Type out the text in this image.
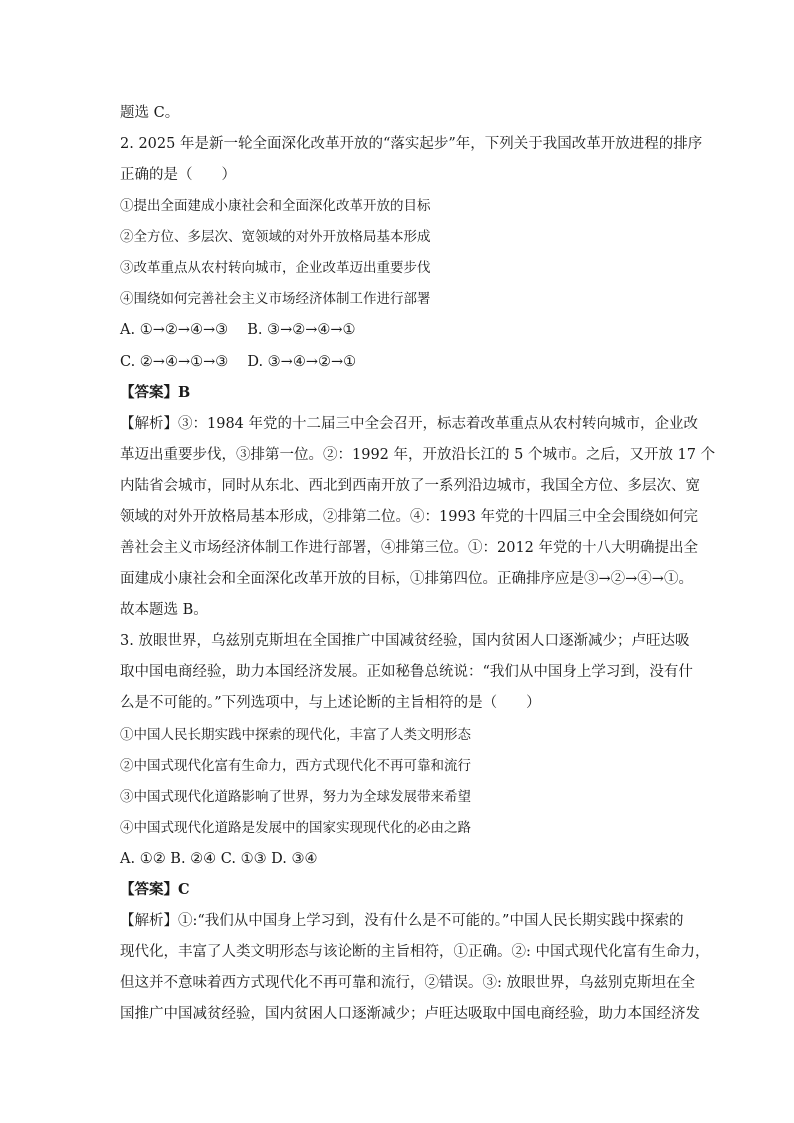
题选 C。
2. 2025 年是新一轮全面深化改革开放的“落实起步”年，下列关于我国改革开放进程的排序
正确的是（　　）
①提出全面建成小康社会和全面深化改革开放的目标
②全方位、多层次、宽领域的对外开放格局基本形成
③改革重点从农村转向城市，企业改革迈出重要步伐
④围绕如何完善社会主义市场经济体制工作进行部署
A. ①→②→④→③　 B. ③→②→④→①
C. ②→④→①→③　 D. ③→④→②→①
【答案】B
【解析】③：1984 年党的十二届三中全会召开，标志着改革重点从农村转向城市，企业改
革迈出重要步伐，③排第一位。②：1992 年，开放沿长江的 5 个城市。之后，又开放 17 个
内陆省会城市，同时从东北、西北到西南开放了一系列沿边城市，我国全方位、多层次、宽
领域的对外开放格局基本形成，②排第二位。④：1993 年党的十四届三中全会围绕如何完
善社会主义市场经济体制工作进行部署，④排第三位。①：2012 年党的十八大明确提出全
面建成小康社会和全面深化改革开放的目标，①排第四位。正确排序应是③→②→④→①。
故本题选 B。
3. 放眼世界，乌兹别克斯坦在全国推广中国减贫经验，国内贫困人口逐渐减少；卢旺达吸
取中国电商经验，助力本国经济发展。正如秘鲁总统说：“我们从中国身上学习到，没有什
么是不可能的。”下列选项中，与上述论断的主旨相符的是（　　）
①中国人民长期实践中探索的现代化，丰富了人类文明形态
②中国式现代化富有生命力，西方式现代化不再可靠和流行
③中国式现代化道路影响了世界，努力为全球发展带来希望
④中国式现代化道路是发展中的国家实现现代化的必由之路
A. ①② B. ②④ C. ①③ D. ③④
【答案】C
【解析】①:“我们从中国身上学习到，没有什么是不可能的。”中国人民长期实践中探索的
现代化，丰富了人类文明形态与该论断的主旨相符，①正确。②: 中国式现代化富有生命力，
但这并不意味着西方式现代化不再可靠和流行，②错误。③: 放眼世界，乌兹别克斯坦在全
国推广中国减贫经验，国内贫困人口逐渐减少；卢旺达吸取中国电商经验，助力本国经济发
